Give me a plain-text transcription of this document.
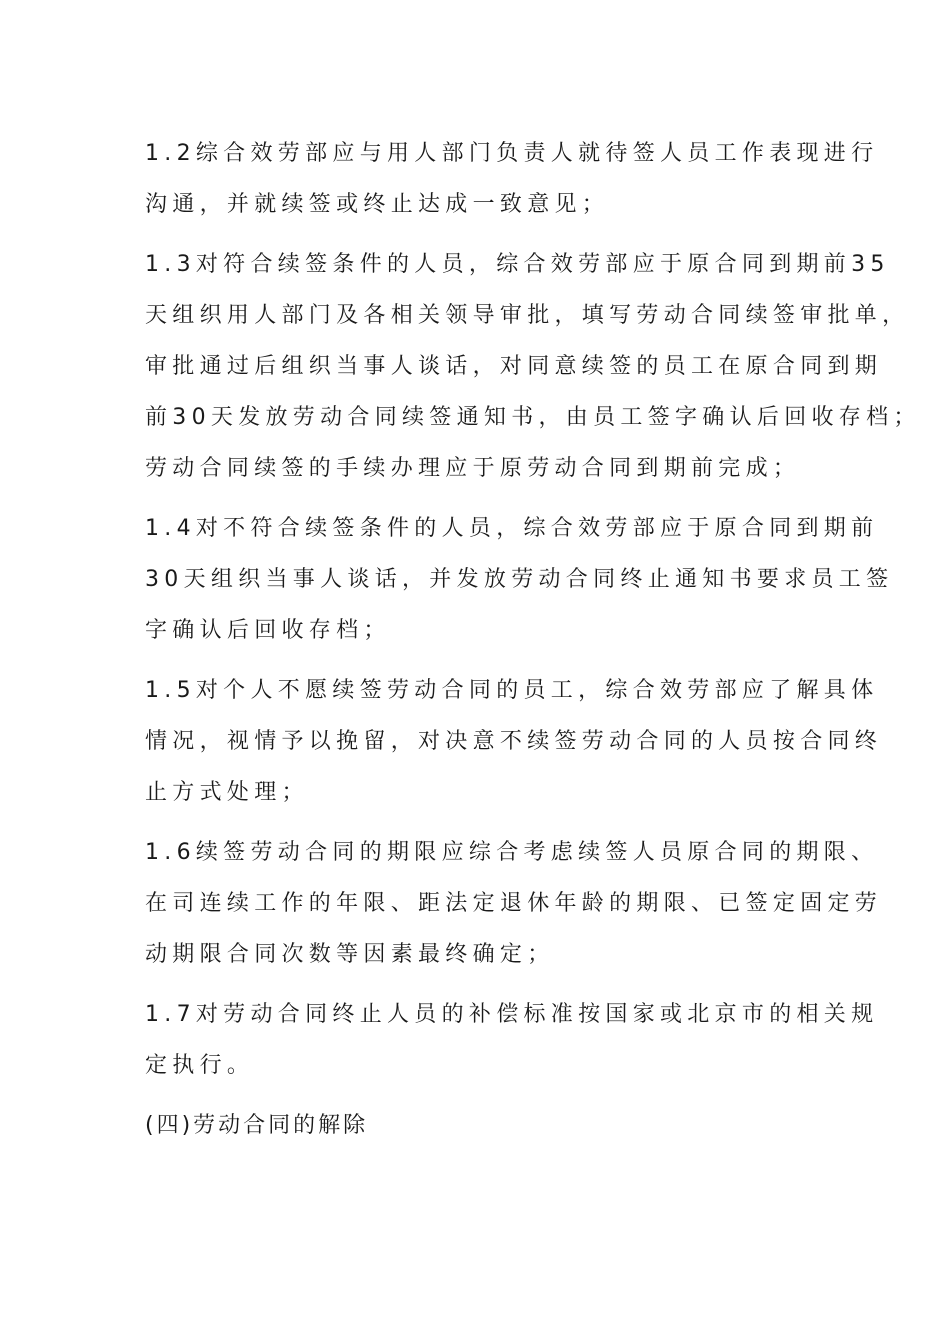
1.2综合效劳部应与用人部门负责人就待签人员工作表现进行
沟通，并就续签或终止达成一致意见；
1.3对符合续签条件的人员，综合效劳部应于原合同到期前35
天组织用人部门及各相关领导审批，填写劳动合同续签审批单，
审批通过后组织当事人谈话，对同意续签的员工在原合同到期
前30天发放劳动合同续签通知书，由员工签字确认后回收存档；
劳动合同续签的手续办理应于原劳动合同到期前完成；
1.4对不符合续签条件的人员，综合效劳部应于原合同到期前
30天组织当事人谈话，并发放劳动合同终止通知书要求员工签
字确认后回收存档；
1.5对个人不愿续签劳动合同的员工，综合效劳部应了解具体
情况，视情予以挽留，对决意不续签劳动合同的人员按合同终
止方式处理；
1.6续签劳动合同的期限应综合考虑续签人员原合同的期限、
在司连续工作的年限、距法定退休年龄的期限、已签定固定劳
动期限合同次数等因素最终确定；
1.7对劳动合同终止人员的补偿标准按国家或北京市的相关规
定执行。
(四)劳动合同的解除
